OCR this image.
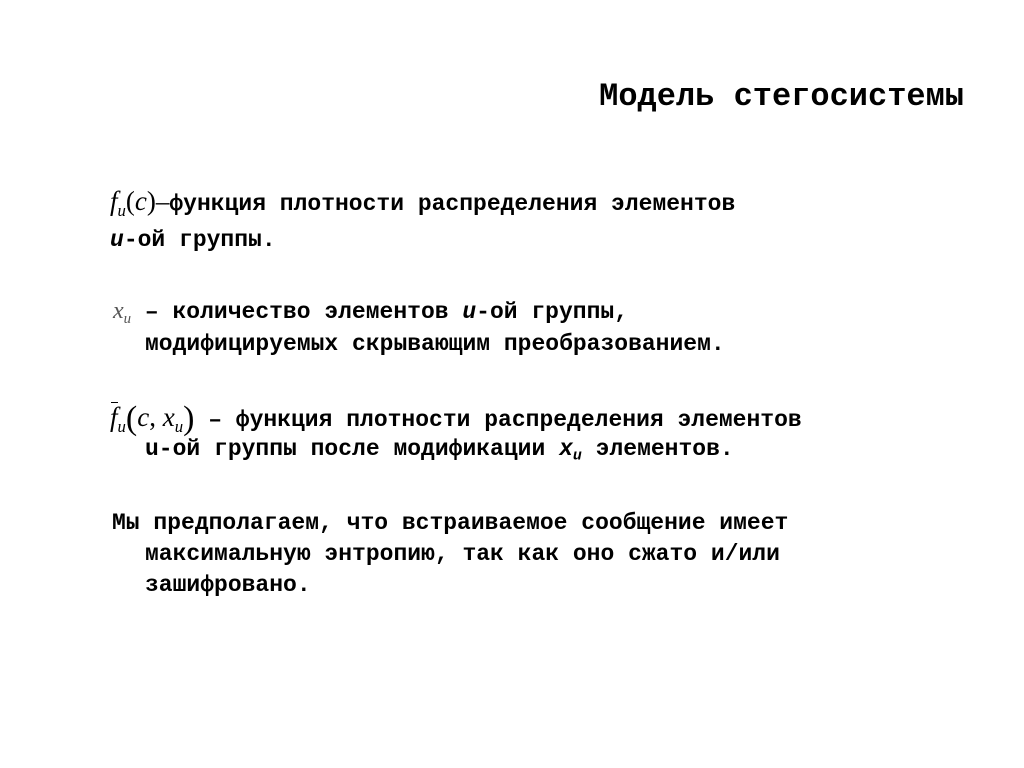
Модель стегосистемы
$f_u(c)$–функция плотности распределения элементов
u-ой группы.
$x_u$ – количество элементов u-ой группы,
модифицируемых скрывающим преобразованием.
$f_u(c$, $x_u$) – функция плотности распределения элементов
u-ой группы после модификации $x_u$ элементов.
Мы предполагаем, что встраиваемое сообщение имеет
максимальную энтропию, так как оно сжато и/или
зашифровано.
